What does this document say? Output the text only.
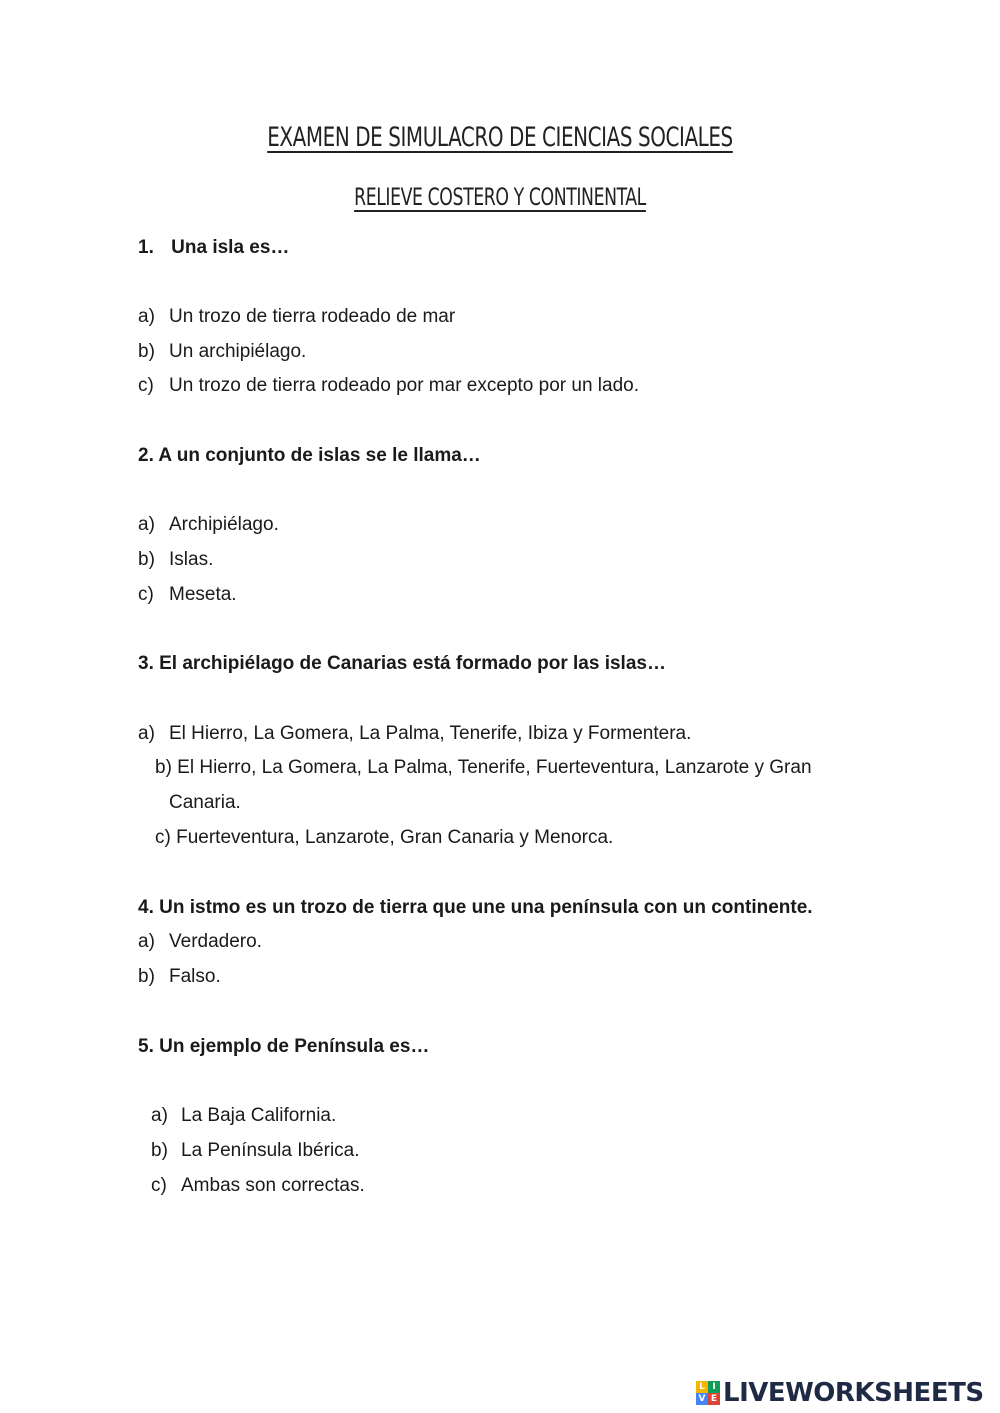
EXAMEN DE SIMULACRO DE CIENCIAS SOCIALES
RELIEVE COSTERO Y CONTINENTAL
1. Una isla es…
a) Un trozo de tierra rodeado de mar
b) Un archipiélago.
c) Un trozo de tierra rodeado por mar excepto por un lado.
2. A un conjunto de islas se le llama…
a) Archipiélago.
b) Islas.
c) Meseta.
3. El archipiélago de Canarias está formado por las islas…
a) El Hierro, La Gomera, La Palma, Tenerife, Ibiza y Formentera.
b) El Hierro, La Gomera, La Palma, Tenerife, Fuerteventura, Lanzarote y Gran
Canaria.
c) Fuerteventura, Lanzarote, Gran Canaria y Menorca.
4. Un istmo es un trozo de tierra que une una península con un continente.
a) Verdadero.
b) Falso.
5. Un ejemplo de Península es…
a) La Baja California.
b) La Península Ibérica.
c) Ambas son correctas.
L I
V E LIVEWORKSHEETS
